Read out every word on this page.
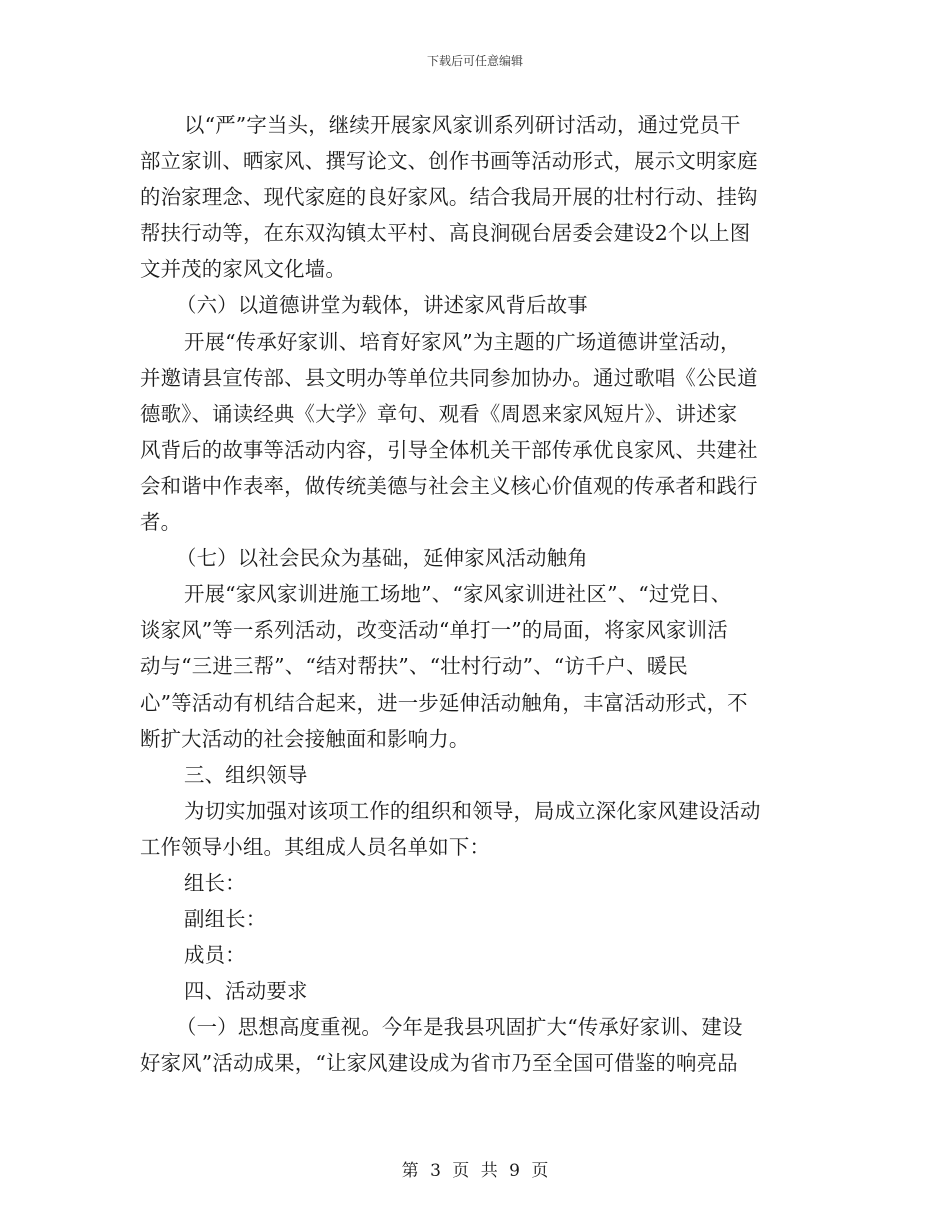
下载后可任意编辑
以“严”字当头，继续开展家风家训系列研讨活动，通过党员干
部立家训、晒家风、撰写论文、创作书画等活动形式，展示文明家庭
的治家理念、现代家庭的良好家风。结合我局开展的壮村行动、挂钩
帮扶行动等，在东双沟镇太平村、高良涧砚台居委会建设2个以上图
文并茂的家风文化墙。
（六）以道德讲堂为载体，讲述家风背后故事
开展“传承好家训、培育好家风”为主题的广场道德讲堂活动，
并邀请县宣传部、县文明办等单位共同参加协办。通过歌唱《公民道
德歌》、诵读经典《大学》章句、观看《周恩来家风短片》、讲述家
风背后的故事等活动内容，引导全体机关干部传承优良家风、共建社
会和谐中作表率，做传统美德与社会主义核心价值观的传承者和践行
者。
（七）以社会民众为基础，延伸家风活动触角
开展“家风家训进施工场地”、“家风家训进社区”、“过党日、
谈家风”等一系列活动，改变活动“单打一”的局面，将家风家训活
动与“三进三帮”、“结对帮扶”、“壮村行动”、“访千户、暖民
心”等活动有机结合起来，进一步延伸活动触角，丰富活动形式，不
断扩大活动的社会接触面和影响力。
三、组织领导
为切实加强对该项工作的组织和领导，局成立深化家风建设活动
工作领导小组。其组成人员名单如下：
组长：
副组长：
成员：
四、活动要求
（一）思想高度重视。今年是我县巩固扩大“传承好家训、建设
好家风”活动成果，“让家风建设成为省市乃至全国可借鉴的响亮品
第 3 页 共 9 页
